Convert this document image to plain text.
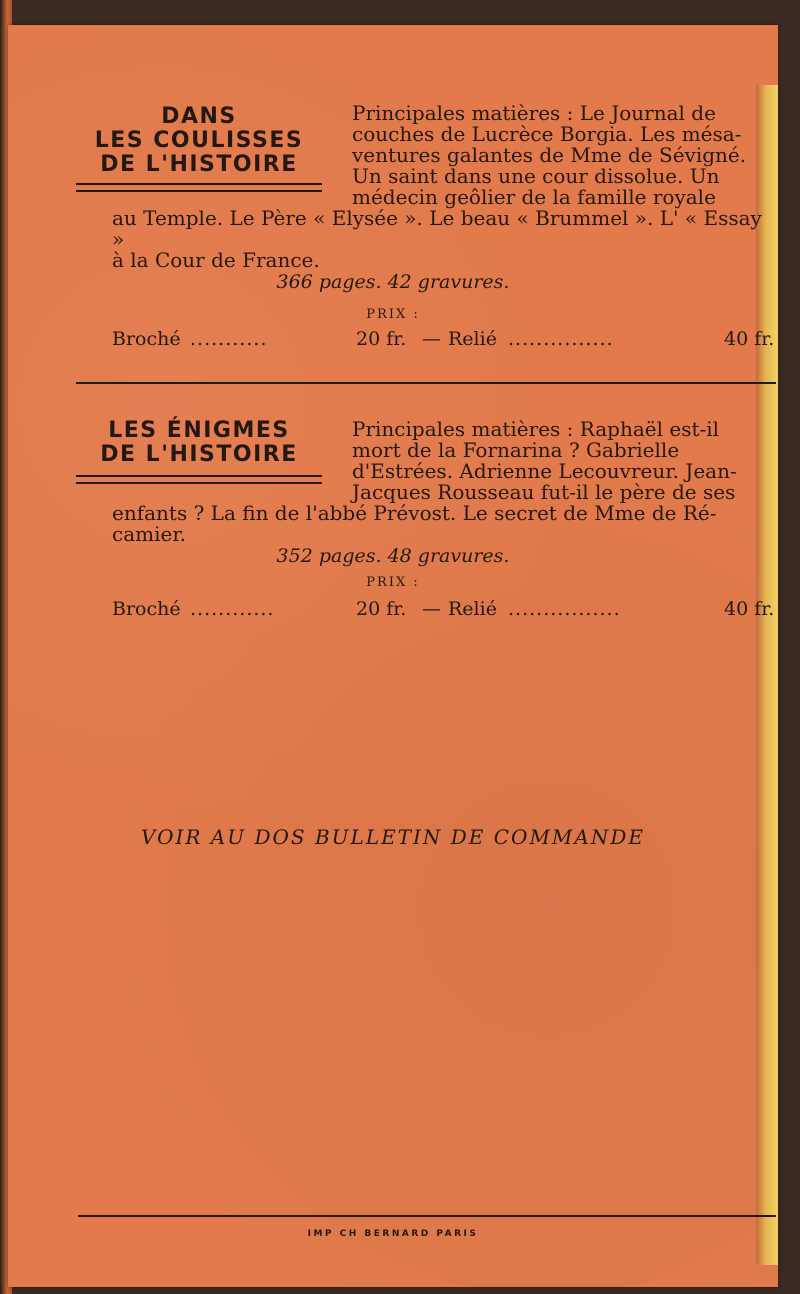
DANS
LES COULISSES
DE L'HISTOIRE
Principales matières : Le Journal de
couches de Lucrèce Borgia. Les mésa-
ventures galantes de Mme de Sévigné.
Un saint dans une cour dissolue. Un
médecin geôlier de la famille royale
au Temple. Le Père « Elysée ». Le beau « Brummel ». L' « Essay »
à la Cour de France.
366 pages. 42 gravures.
PRIX :
Broché ...........	20 fr. — Relié ...............	40 fr.
LES ÉNIGMES
DE L'HISTOIRE
Principales matières : Raphaël est-il
mort de la Fornarina ? Gabrielle
d'Estrées. Adrienne Lecouvreur. Jean-
Jacques Rousseau fut-il le père de ses
enfants ? La fin de l'abbé Prévost. Le secret de Mme de Ré-
camier.
352 pages. 48 gravures.
PRIX :
Broché ............	20 fr. — Relié ................	40 fr.
VOIR AU DOS BULLETIN DE COMMANDE
IMP CH BERNARD PARIS
